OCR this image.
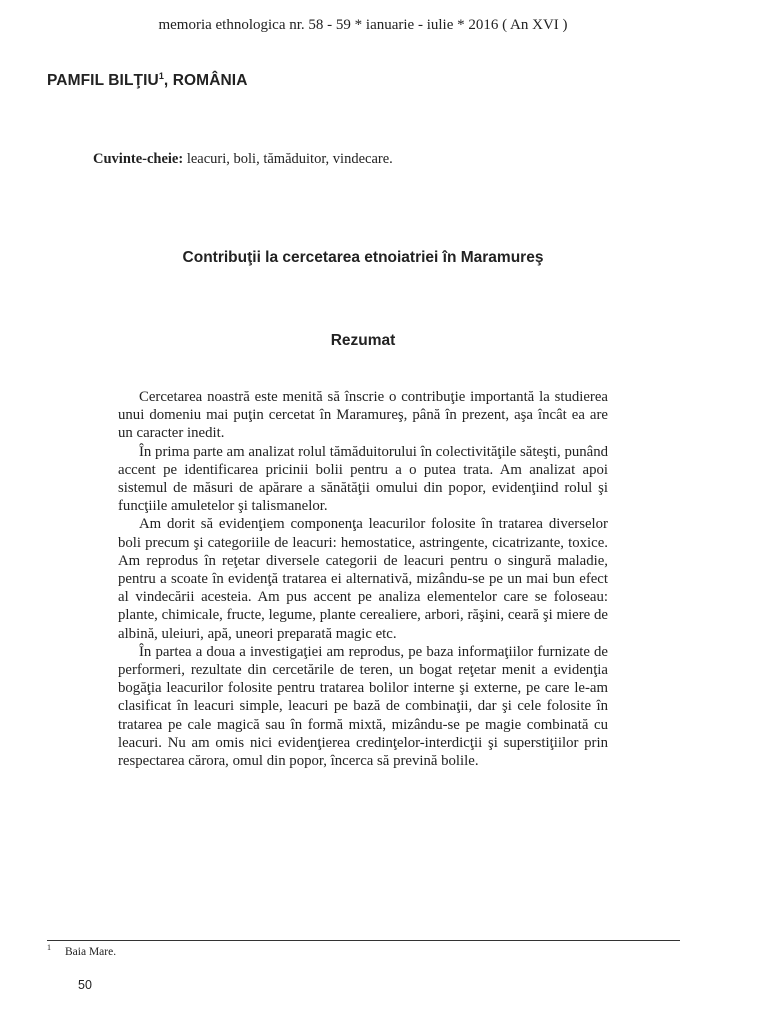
memoria ethnologica nr. 58 - 59 * ianuarie - iulie * 2016 ( An XVI )
PAMFIL BILŢIU$^1$, ROMÂNIA
Cuvinte-cheie: leacuri, boli, tămăduitor, vindecare.
Contribuţii la cercetarea etnoiatriei în Maramureş
Rezumat

Cercetarea noastră este menită să înscrie o contribuţie importantă la studierea unui domeniu mai puţin cercetat în Maramureş, până în prezent, aşa încât ea are un caracter inedit.

În prima parte am analizat rolul tămăduitorului în colectivităţile săteşti, punând accent pe identificarea pricinii bolii pentru a o putea trata. Am analizat apoi sistemul de măsuri de apărare a sănătăţii omului din popor, evidenţiind rolul şi funcţiile amuletelor şi talismanelor.

Am dorit să evidenţiem componenţa leacurilor folosite în tratarea diverselor boli precum şi categoriile de leacuri: hemostatice, astringente, cicatrizante, toxice. Am reprodus în reţetar diversele categorii de leacuri pentru o singură maladie, pentru a scoate în evidenţă tratarea ei alternativă, mizându-se pe un mai bun efect al vindecării acesteia. Am pus accent pe analiza elementelor care se foloseau: plante, chimicale, fructe, legume, plante cerealiere, arbori, răşini, ceară şi miere de albină, uleiuri, apă, uneori preparată magic etc.

În partea a doua a investigaţiei am reprodus, pe baza informaţiilor furnizate de performeri, rezultate din cercetările de teren, un bogat reţetar menit a evidenţia bogăţia leacurilor folosite pentru tratarea bolilor interne şi externe, pe care le-am clasificat în leacuri simple, leacuri pe bază de combinaţii, dar şi cele folosite în tratarea pe cale magică sau în formă mixtă, mizându-se pe magie combinată cu leacuri. Nu am omis nici evidenţierea credinţelor-interdicţii şi superstiţiilor prin respectarea cărora, omul din popor, încerca să prevină bolile.

$^1$ Baia Mare.
50
